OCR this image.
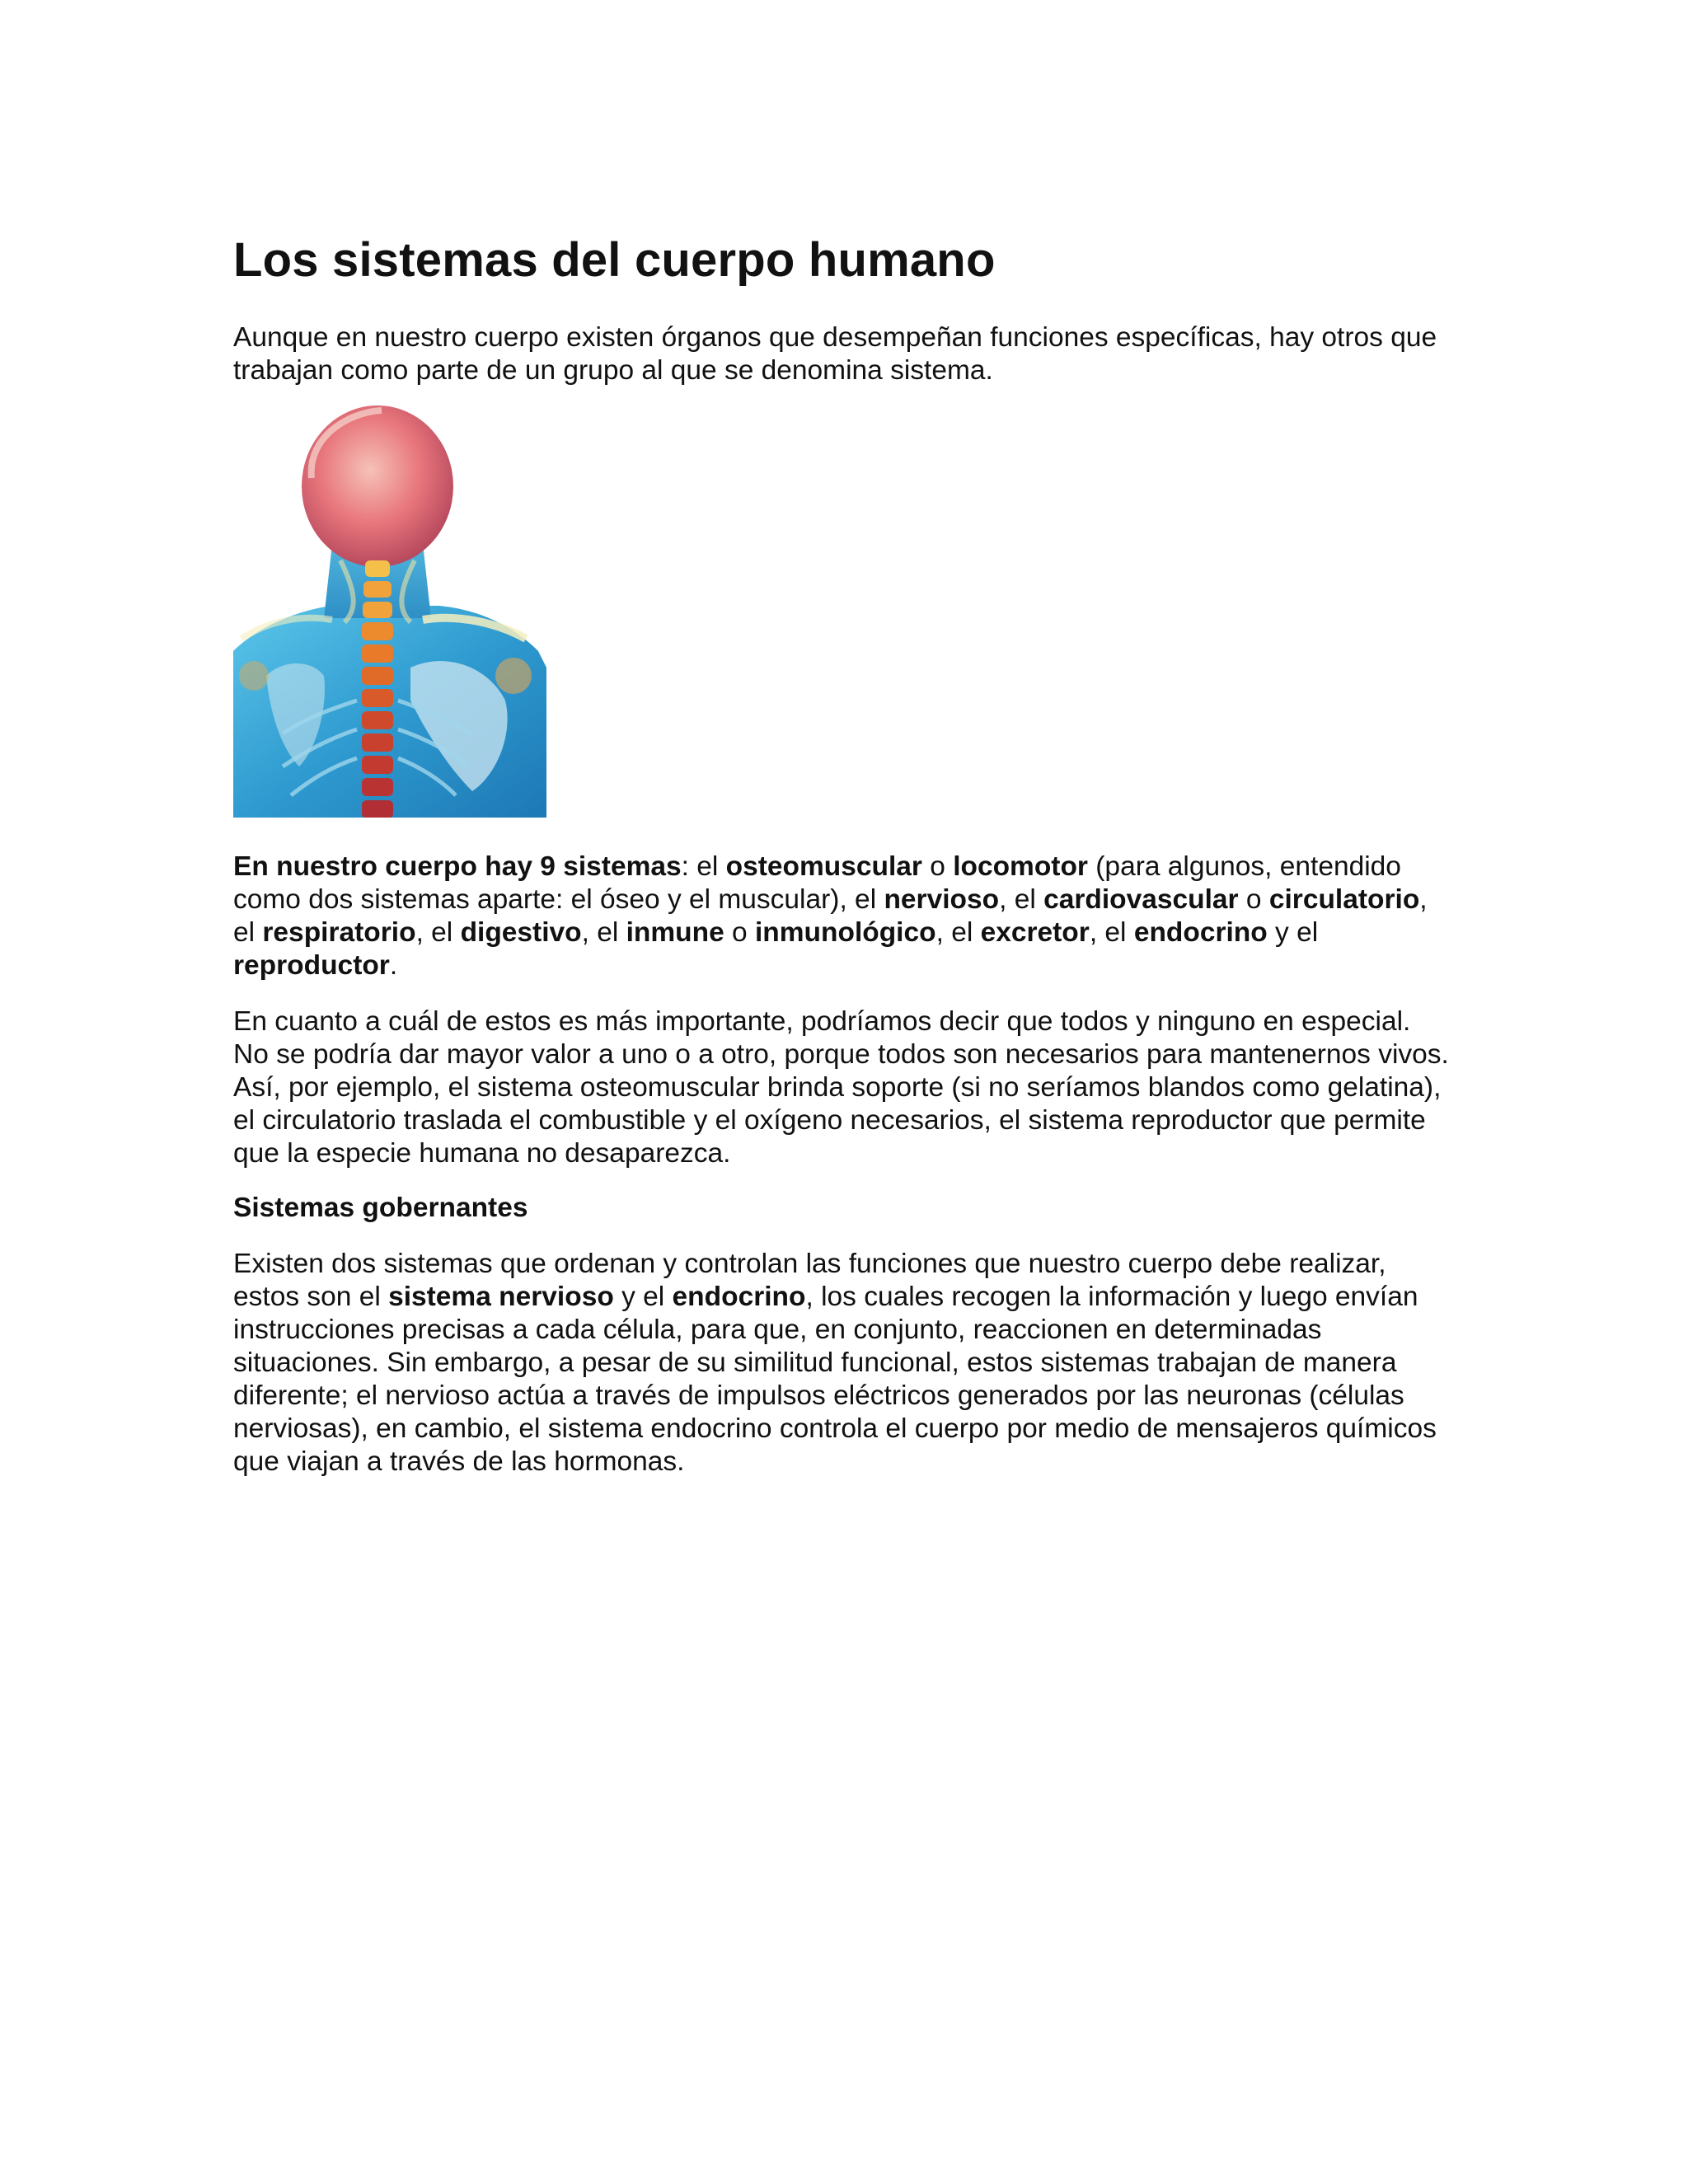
Los sistemas del cuerpo humano

Aunque en nuestro cuerpo existen órganos que desempeñan funciones específicas, hay otros que trabajan como parte de un grupo al que se denomina sistema.

En nuestro cuerpo hay 9 sistemas: el osteomuscular o locomotor (para algunos, entendido como dos sistemas aparte: el óseo y el muscular), el nervioso, el cardiovascular o circulatorio, el respiratorio, el digestivo, el inmune o inmunológico, el excretor, el endocrino y el reproductor.

En cuanto a cuál de estos es más importante, podríamos decir que todos y ninguno en especial. No se podría dar mayor valor a uno o a otro, porque todos son necesarios para mantenernos vivos. Así, por ejemplo, el sistema osteomuscular brinda soporte (si no seríamos blandos como gelatina), el circulatorio traslada el combustible y el oxígeno necesarios, el sistema reproductor que permite que la especie humana no desaparezca.

Sistemas gobernantes

Existen dos sistemas que ordenan y controlan las funciones que nuestro cuerpo debe realizar, estos son el sistema nervioso y el endocrino, los cuales recogen la información y luego envían instrucciones precisas a cada célula, para que, en conjunto, reaccionen en determinadas situaciones. Sin embargo, a pesar de su similitud funcional, estos sistemas trabajan de manera diferente; el nervioso actúa a través de impulsos eléctricos generados por las neuronas (células nerviosas), en cambio, el sistema endocrino controla el cuerpo por medio de mensajeros químicos que viajan a través de las hormonas.
